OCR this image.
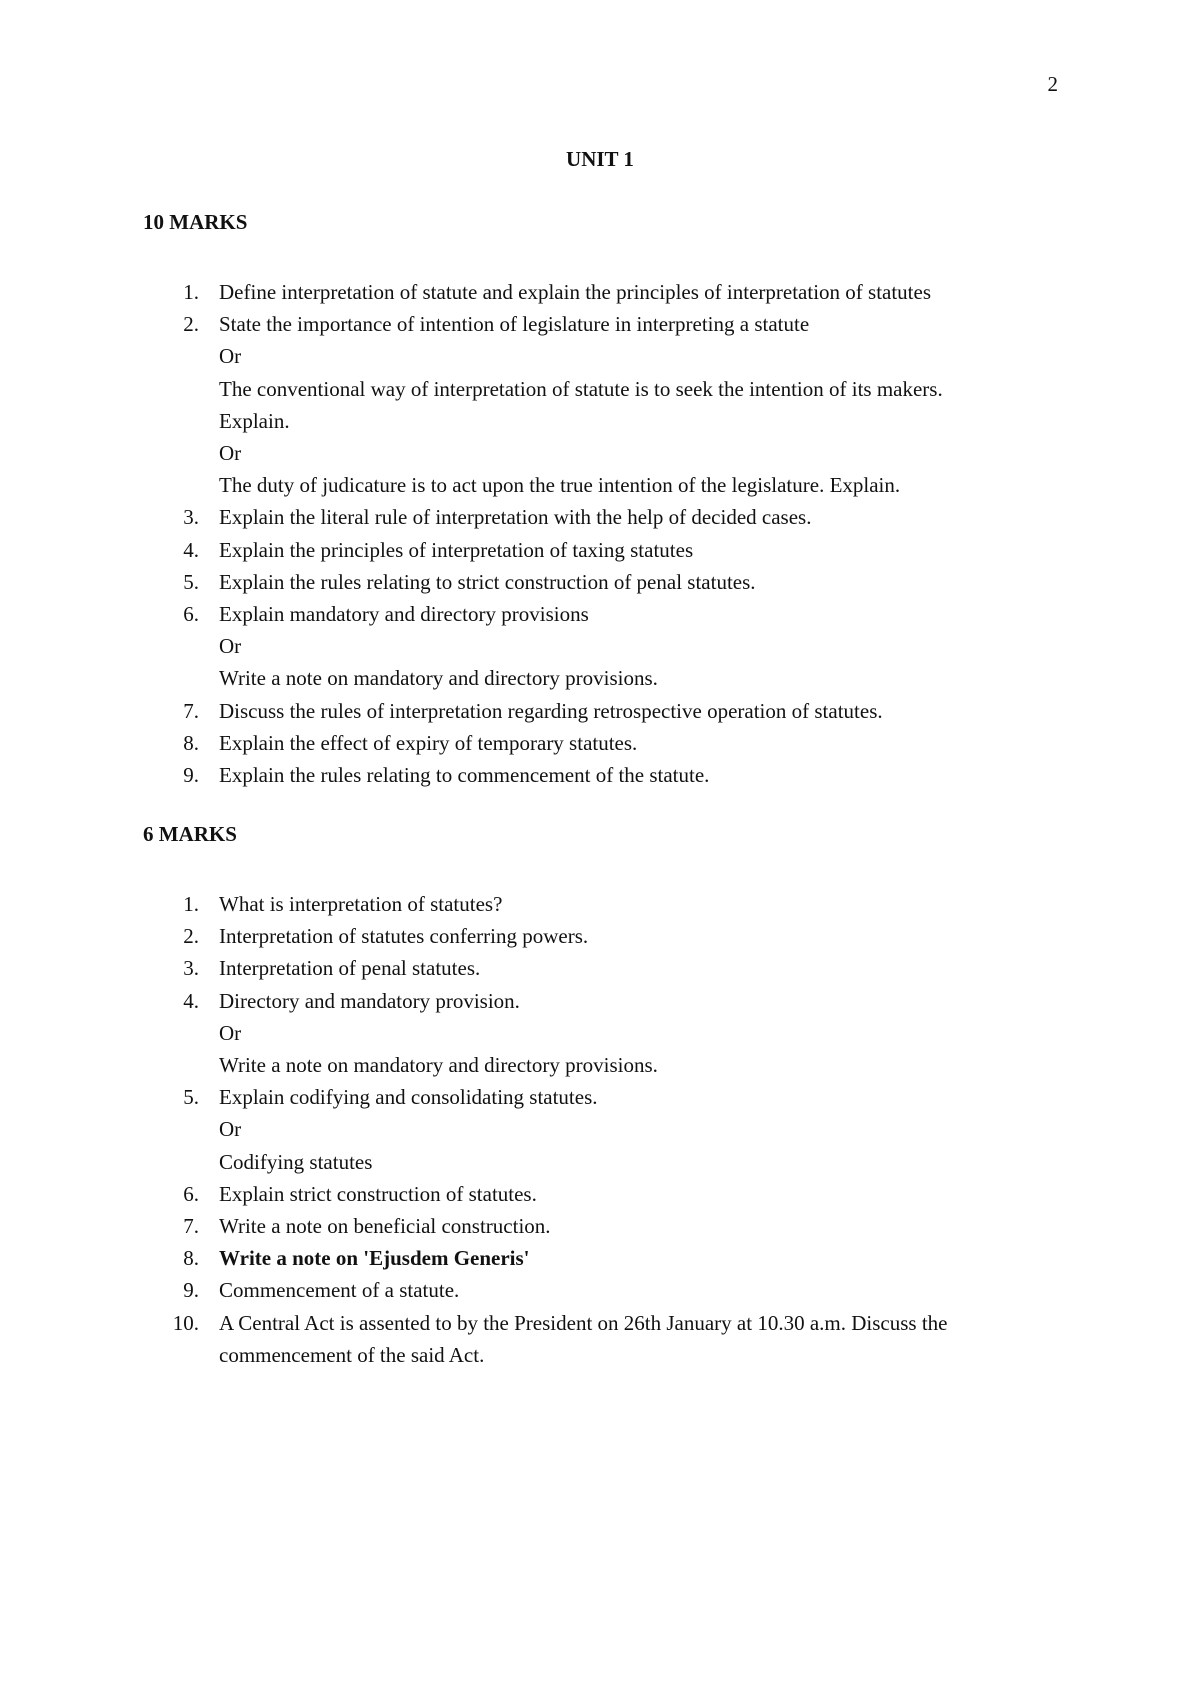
2
UNIT 1
10 MARKS
1. Define interpretation of statute and explain the principles of interpretation of statutes
2. State the importance of intention of legislature in interpreting a statute
Or
The conventional way of interpretation of statute is to seek the intention of its makers.
Explain.
Or
The duty of judicature is to act upon the true intention of the legislature. Explain.
3. Explain the literal rule of interpretation with the help of decided cases.
4. Explain the principles of interpretation of taxing statutes
5. Explain the rules relating to strict construction of penal statutes.
6. Explain mandatory and directory provisions
Or
Write a note on mandatory and directory provisions.
7. Discuss the rules of interpretation regarding retrospective operation of statutes.
8. Explain the effect of expiry of temporary statutes.
9. Explain the rules relating to commencement of the statute.
6 MARKS
1. What is interpretation of statutes?
2. Interpretation of statutes conferring powers.
3. Interpretation of penal statutes.
4. Directory and mandatory provision.
Or
Write a note on mandatory and directory provisions.
5. Explain codifying and consolidating statutes.
Or
Codifying statutes
6. Explain strict construction of statutes.
7. Write a note on beneficial construction.
8. Write a note on 'Ejusdem Generis'
9. Commencement of a statute.
10. A Central Act is assented to by the President on 26th January at 10.30 a.m. Discuss the
commencement of the said Act.
